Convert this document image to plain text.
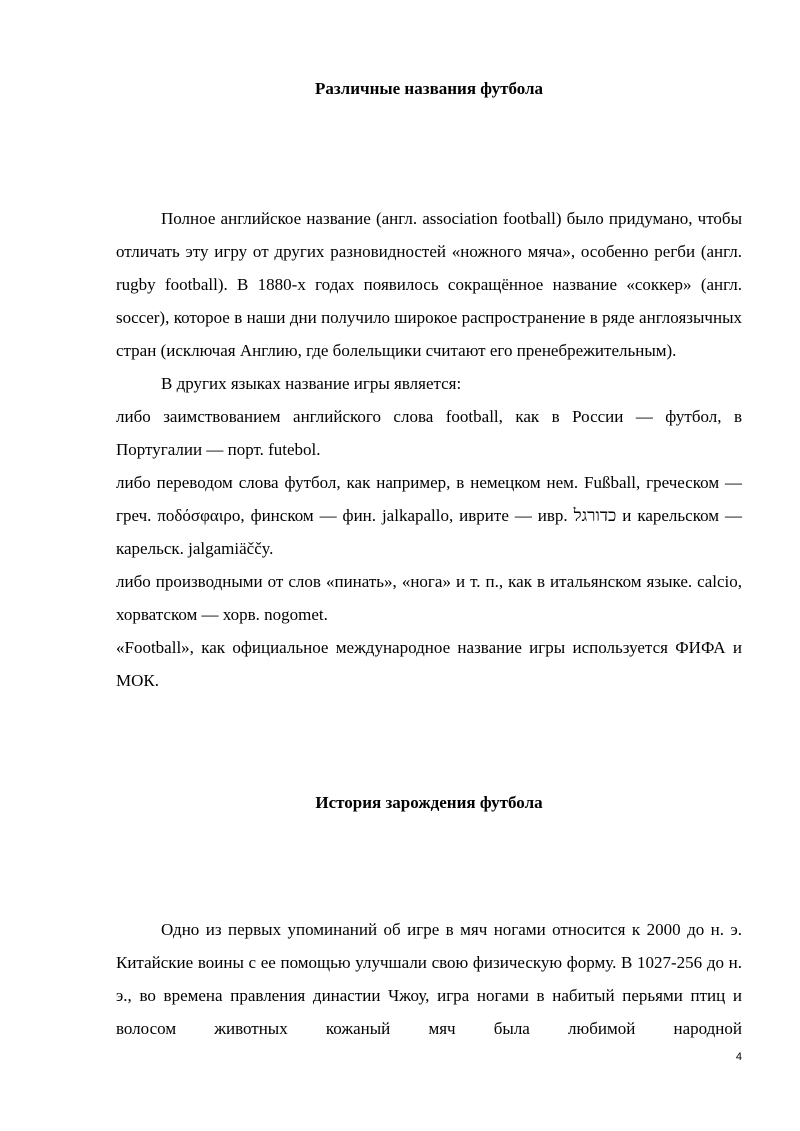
Различные названия футбола

Полное английское название (англ. association football) было придумано, чтобы отличать эту игру от других разновидностей «ножного мяча», особенно регби (англ. rugby football). В 1880-х годах появилось сокращённое название «соккер» (англ. soccer), которое в наши дни получило широкое распространение в ряде англоязычных стран (исключая Англию, где болельщики считают его пренебрежительным).

В других языках название игры является:

либо заимствованием английского слова football, как в России — футбол, в Португалии — порт. futebol.

либо переводом слова футбол, как например, в немецком нем. Fußball, греческом — греч. ποδόσφαιρο, финском — фин. jalkapallo, иврите — ивр. כדורגל и карельском — карельск. jalgamiäččy.

либо производными от слов «пинать», «нога» и т. п., как в итальянском языке. calcio, хорватском — хорв. nogomet.

«Football», как официальное международное название игры используется ФИФА и МОК.

История зарождения футбола

Одно из первых упоминаний об игре в мяч ногами относится к 2000 до н. э. Китайские воины с ее помощью улучшали свою физическую форму. В 1027-256 до н. э., во времена правления династии Чжоу, игра ногами в набитый перьями птиц и волосом животных кожаный мяч была любимой народной

4
